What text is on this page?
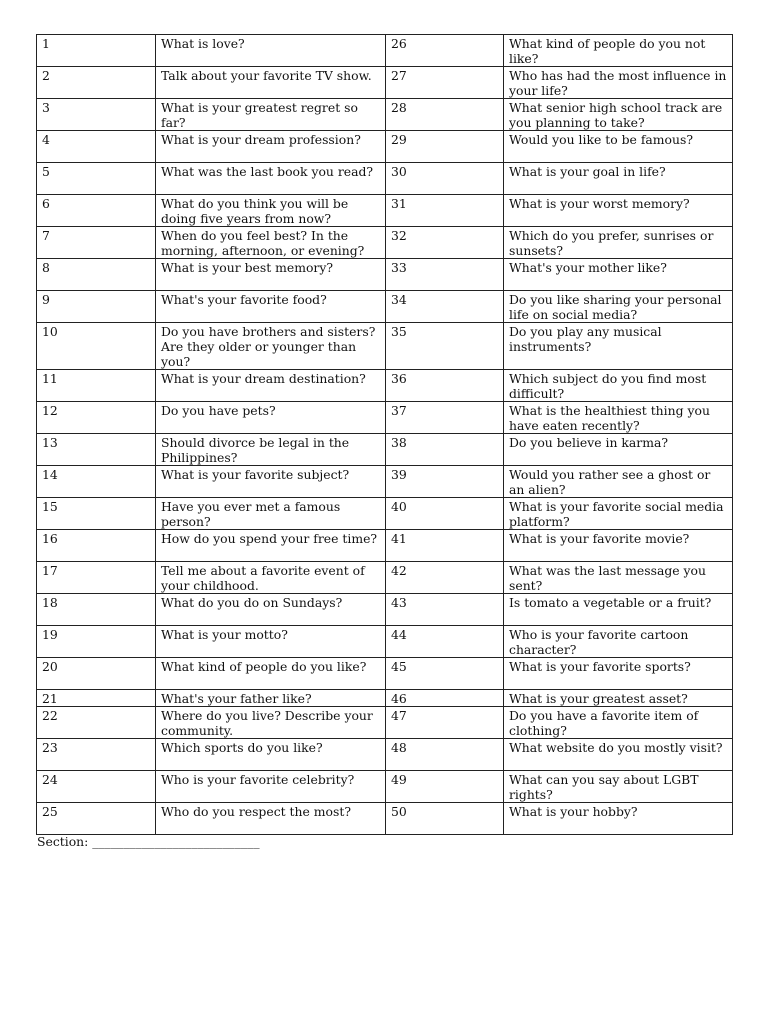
1	What is love?	26	What kind of people do you not like?
2	Talk about your favorite TV show.	27	Who has had the most influence in your life?
3	What is your greatest regret so far?	28	What senior high school track are you planning to take?
4	What is your dream profession?	29	Would you like to be famous?
5	What was the last book you read?	30	What is your goal in life?
6	What do you think you will be doing five years from now?	31	What is your worst memory?
7	When do you feel best? In the morning, afternoon, or evening?	32	Which do you prefer, sunrises or sunsets?
8	What is your best memory?	33	What's your mother like?
9	What's your favorite food?	34	Do you like sharing your personal life on social media?
10	Do you have brothers and sisters? Are they older or younger than you?	35	Do you play any musical instruments?
11	What is your dream destination?	36	Which subject do you find most difficult?
12	Do you have pets?	37	What is the healthiest thing you have eaten recently?
13	Should divorce be legal in the Philippines?	38	Do you believe in karma?
14	What is your favorite subject?	39	Would you rather see a ghost or an alien?
15	Have you ever met a famous person?	40	What is your favorite social media platform?
16	How do you spend your free time?	41	What is your favorite movie?
17	Tell me about a favorite event of your childhood.	42	What was the last message you sent?
18	What do you do on Sundays?	43	Is tomato a vegetable or a fruit?
19	What is your motto?	44	Who is your favorite cartoon character?
20	What kind of people do you like?	45	What is your favorite sports?
21	What's your father like?	46	What is your greatest asset?
22	Where do you live? Describe your community.	47	Do you have a favorite item of clothing?
23	Which sports do you like?	48	What website do you mostly visit?
24	Who is your favorite celebrity?	49	What can you say about LGBT rights?
25	Who do you respect the most?	50	What is your hobby?
Section: ___________________________
